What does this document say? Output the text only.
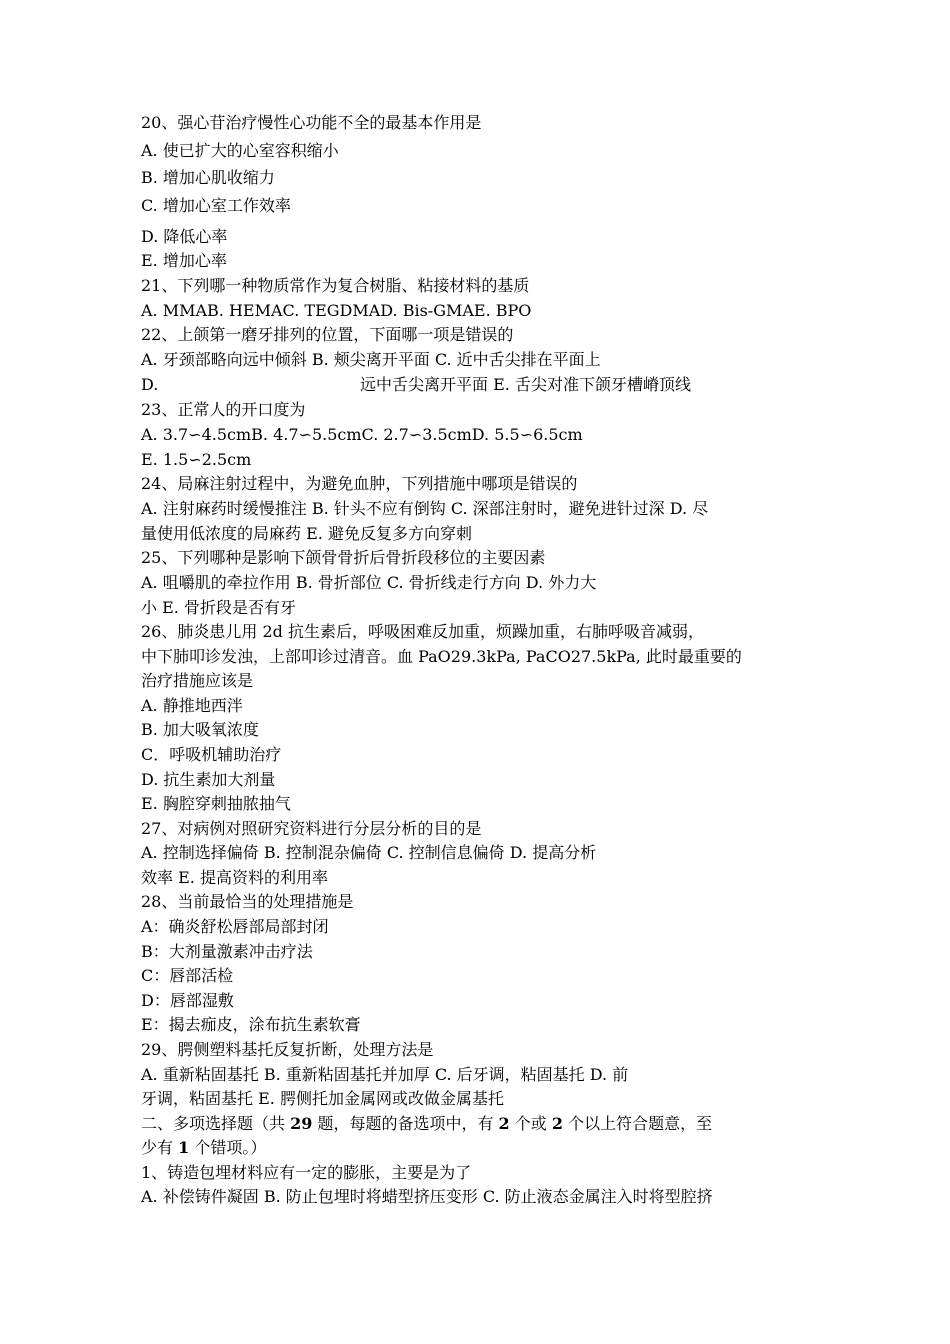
20、强心苷治疗慢性心功能不全的最基本作用是
A. 使已扩大的心室容积缩小
B. 增加心肌收缩力
C. 增加心室工作效率
D. 降低心率
E. 增加心率
21、下列哪一种物质常作为复合树脂、粘接材料的基质
A. MMAB. HEMAC. TEGDMAD. Bis-GMAE. BPO
22、上颌第一磨牙排列的位置，下面哪一项是错误的
A. 牙颈部略向远中倾斜 B. 颊尖离开平面 C. 近中舌尖排在平面上
D.	远中舌尖离开平面 E. 舌尖对准下颌牙槽嵴顶线
23、正常人的开口度为
A. 3.7∽4.5cmB. 4.7∽5.5cmC. 2.7∽3.5cmD. 5.5∽6.5cm
E. 1.5∽2.5cm
24、局麻注射过程中，为避免血肿，下列措施中哪项是错误的
A. 注射麻药时缓慢推注 B. 针头不应有倒钩 C. 深部注射时，避免进针过深 D. 尽
量使用低浓度的局麻药 E. 避免反复多方向穿刺
25、下列哪种是影响下颌骨骨折后骨折段移位的主要因素
A. 咀嚼肌的牵拉作用 B. 骨折部位 C. 骨折线走行方向 D. 外力大
小 E. 骨折段是否有牙
26、肺炎患儿用 2d 抗生素后，呼吸困难反加重，烦躁加重，右肺呼吸音减弱，
中下肺叩诊发浊，上部叩诊过清音。血 PaO29.3kPa, PaCO27.5kPa, 此时最重要的
治疗措施应该是
A. 静推地西泮
B. 加大吸氧浓度
C．呼吸机辅助治疗
D. 抗生素加大剂量
E. 胸腔穿刺抽脓抽气
27、对病例对照研究资料进行分层分析的目的是
A. 控制选择偏倚 B. 控制混杂偏倚 C. 控制信息偏倚 D. 提高分析
效率 E. 提高资料的利用率
28、当前最恰当的处理措施是
A：确炎舒松唇部局部封闭
B：大剂量激素冲击疗法
C：唇部活检
D：唇部湿敷
E：揭去痂皮，涂布抗生素软膏
29、腭侧塑料基托反复折断，处理方法是
A. 重新粘固基托 B. 重新粘固基托并加厚 C. 后牙调，粘固基托 D. 前
牙调，粘固基托 E. 腭侧托加金属网或改做金属基托
二、多项选择题（共 29 题，每题的备选项中，有 2 个或 2 个以上符合题意，至
少有 1 个错项。）
1、铸造包埋材料应有一定的膨胀，主要是为了
A. 补偿铸件凝固 B. 防止包埋时将蜡型挤压变形 C. 防止液态金属注入时将型腔挤
